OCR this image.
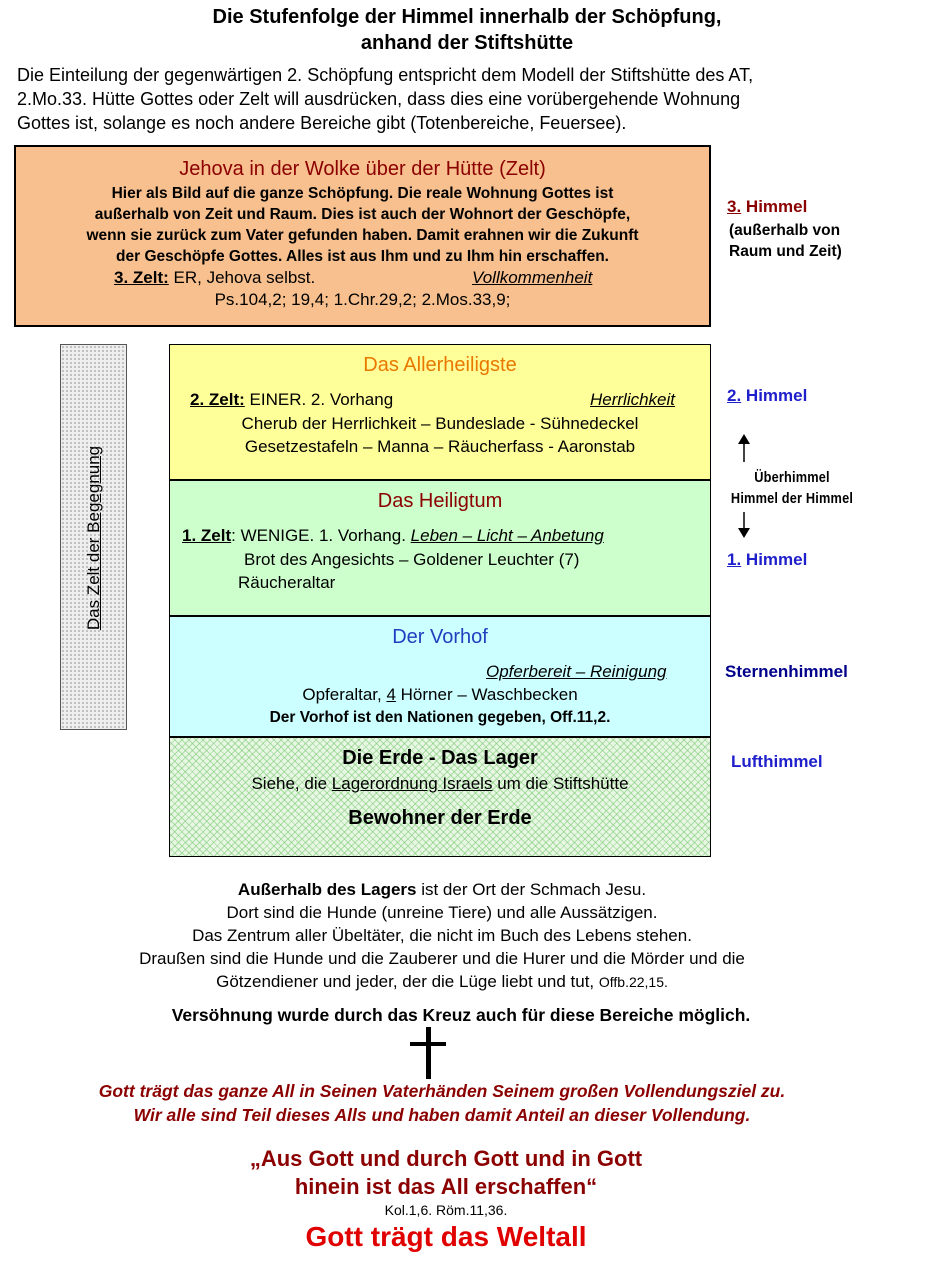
Die Stufenfolge der Himmel innerhalb der Schöpfung,
anhand der Stiftshütte
Die Einteilung der gegenwärtigen 2. Schöpfung entspricht dem Modell der Stiftshütte des AT,
2.Mo.33. Hütte Gottes oder Zelt will ausdrücken, dass dies eine vorübergehende Wohnung
Gottes ist, solange es noch andere Bereiche gibt (Totenbereiche, Feuersee).
Jehova in der Wolke über der Hütte (Zelt)
Hier als Bild auf die ganze Schöpfung. Die reale Wohnung Gottes ist
außerhalb von Zeit und Raum. Dies ist auch der Wohnort der Geschöpfe,
wenn sie zurück zum Vater gefunden haben. Damit erahnen wir die Zukunft
der Geschöpfe Gottes. Alles ist aus Ihm und zu Ihm hin erschaffen.
3. Zelt: ER, Jehova selbst.	Vollkommenheit
Ps.104,2; 19,4; 1.Chr.29,2; 2.Mos.33,9;
Das Zelt der Begegnung
Das Allerheiligste
2. Zelt: EINER. 2. Vorhang	Herrlichkeit
Cherub der Herrlichkeit – Bundeslade - Sühnedeckel
Gesetzestafeln – Manna – Räucherfass - Aaronstab
Das Heiligtum
1. Zelt: WENIGE. 1. Vorhang. Leben – Licht – Anbetung
Brot des Angesichts – Goldener Leuchter (7)
Räucheraltar
Der Vorhof
Opferbereit – Reinigung
Opferaltar, 4 Hörner – Waschbecken
Der Vorhof ist den Nationen gegeben, Off.11,2.
Die Erde - Das Lager
Siehe, die Lagerordnung Israels um die Stiftshütte
Bewohner der Erde
3. Himmel
(außerhalb von
Raum und Zeit)
2. Himmel
Überhimmel
Himmel der Himmel
1. Himmel
Sternenhimmel
Lufthimmel
Außerhalb des Lagers ist der Ort der Schmach Jesu.
Dort sind die Hunde (unreine Tiere) und alle Aussätzigen.
Das Zentrum aller Übeltäter, die nicht im Buch des Lebens stehen.
Draußen sind die Hunde und die Zauberer und die Hurer und die Mörder und die
Götzendiener und jeder, der die Lüge liebt und tut, Offb.22,15.
Versöhnung wurde durch das Kreuz auch für diese Bereiche möglich.
Gott trägt das ganze All in Seinen Vaterhänden Seinem großen Vollendungsziel zu.
Wir alle sind Teil dieses Alls und haben damit Anteil an dieser Vollendung.
„Aus Gott und durch Gott und in Gott
hinein ist das All erschaffen“
Kol.1,6. Röm.11,36.
Gott trägt das Weltall
